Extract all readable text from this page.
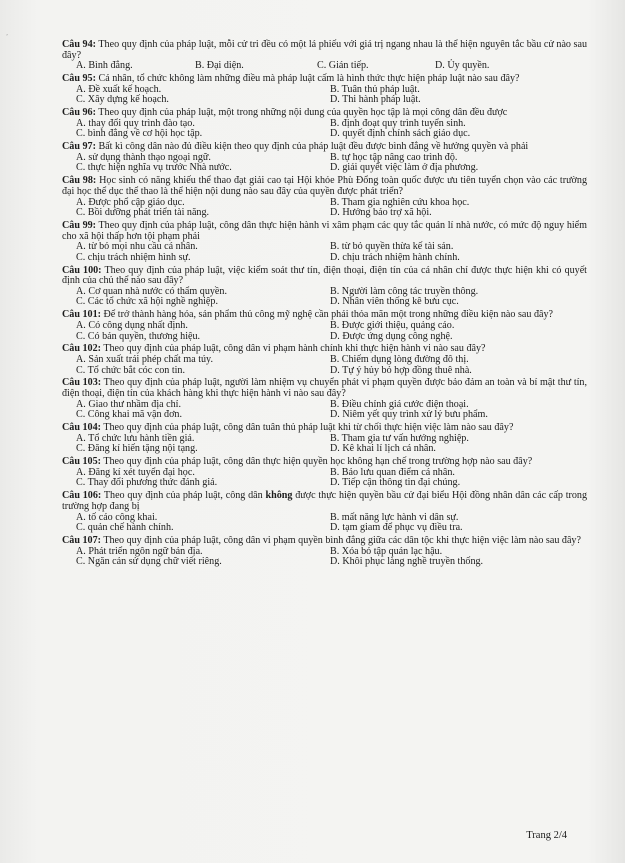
ʼ
Câu 94: Theo quy định của pháp luật, mỗi cử tri đều có một lá phiếu với giá trị ngang nhau là thể hiện nguyên tắc bầu cử nào sau đây?
A. Bình đẳng.	B. Đại diện.	C. Gián tiếp.	D. Ủy quyền.
Câu 95: Cá nhân, tổ chức không làm những điều mà pháp luật cấm là hình thức thực hiện pháp luật nào sau đây?
A. Đề xuất kế hoạch.	B. Tuân thủ pháp luật.
C. Xây dựng kế hoạch.	D. Thi hành pháp luật.
Câu 96: Theo quy định của pháp luật, một trong những nội dung của quyền học tập là mọi công dân đều được
A. thay đổi quy trình đào tạo.	B. định đoạt quy trình tuyển sinh.
C. bình đẳng về cơ hội học tập.	D. quyết định chính sách giáo dục.
Câu 97: Bất kì công dân nào đủ điều kiện theo quy định của pháp luật đều được bình đẳng về hưởng quyền và phải
A. sử dụng thành thạo ngoại ngữ.	B. tự học tập nâng cao trình độ.
C. thực hiện nghĩa vụ trước Nhà nước.	D. giải quyết việc làm ở địa phương.
Câu 98: Học sinh có năng khiếu thể thao đạt giải cao tại Hội khỏe Phù Đổng toàn quốc được ưu tiên tuyển chọn vào các trường đại học thể dục thể thao là thể hiện nội dung nào sau đây của quyền được phát triển?
A. Được phổ cập giáo dục.	B. Tham gia nghiên cứu khoa học.
C. Bồi dưỡng phát triển tài năng.	D. Hưởng bảo trợ xã hội.
Câu 99: Theo quy định của pháp luật, công dân thực hiện hành vi xâm phạm các quy tắc quản lí nhà nước, có mức độ nguy hiểm cho xã hội thấp hơn tội phạm phải
A. từ bỏ mọi nhu cầu cá nhân.	B. từ bỏ quyền thừa kế tài sản.
C. chịu trách nhiệm hình sự.	D. chịu trách nhiệm hành chính.
Câu 100: Theo quy định của pháp luật, việc kiểm soát thư tín, điện thoại, điện tín của cá nhân chỉ được thực hiện khi có quyết định của chủ thể nào sau đây?
A. Cơ quan nhà nước có thẩm quyền.	B. Người làm công tác truyền thông.
C. Các tổ chức xã hội nghề nghiệp.	D. Nhân viên thống kê bưu cục.
Câu 101: Để trở thành hàng hóa, sản phẩm thủ công mỹ nghệ cần phải thỏa mãn một trong những điều kiện nào sau đây?
A. Có công dụng nhất định.	B. Được giới thiệu, quảng cáo.
C. Có bản quyền, thương hiệu.	D. Được ứng dụng công nghệ.
Câu 102: Theo quy định của pháp luật, công dân vi phạm hành chính khi thực hiện hành vi nào sau đây?
A. Sản xuất trái phép chất ma túy.	B. Chiếm dụng lòng đường đô thị.
C. Tổ chức bắt cóc con tin.	D. Tự ý hủy bỏ hợp đồng thuê nhà.
Câu 103: Theo quy định của pháp luật, người làm nhiệm vụ chuyển phát vi phạm quyền được bảo đảm an toàn và bí mật thư tín, điện thoại, điện tín của khách hàng khi thực hiện hành vi nào sau đây?
A. Giao thư nhầm địa chỉ.	B. Điều chỉnh giá cước điện thoại.
C. Công khai mã vận đơn.	D. Niêm yết quy trình xử lý bưu phẩm.
Câu 104: Theo quy định của pháp luật, công dân tuân thủ pháp luật khi từ chối thực hiện việc làm nào sau đây?
A. Tổ chức lưu hành tiền giả.	B. Tham gia tư vấn hướng nghiệp.
C. Đăng kí hiến tặng nội tạng.	D. Kê khai lí lịch cá nhân.
Câu 105: Theo quy định của pháp luật, công dân thực hiện quyền học không hạn chế trong trường hợp nào sau đây?
A. Đăng kí xét tuyển đại học.	B. Bảo lưu quan điểm cá nhân.
C. Thay đổi phương thức đánh giá.	D. Tiếp cận thông tin đại chúng.
Câu 106: Theo quy định của pháp luật, công dân không được thực hiện quyền bầu cử đại biểu Hội đồng nhân dân các cấp trong trường hợp đang bị
A. tố cáo công khai.	B. mất năng lực hành vi dân sự.
C. quản chế hành chính.	D. tạm giam để phục vụ điều tra.
Câu 107: Theo quy định của pháp luật, công dân vi phạm quyền bình đẳng giữa các dân tộc khi thực hiện việc làm nào sau đây?
A. Phát triển ngôn ngữ bản địa.	B. Xóa bỏ tập quán lạc hậu.
C. Ngăn cản sử dụng chữ viết riêng.	D. Khôi phục làng nghề truyền thống.
Trang 2/4
